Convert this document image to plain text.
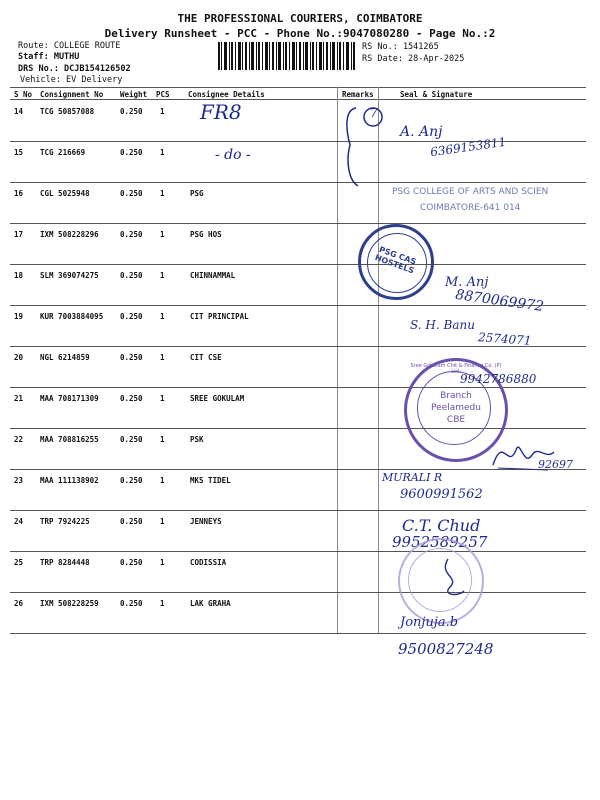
THE PROFESSIONAL COURIERS, COIMBATORE
Delivery Runsheet - PCC - Phone No.:9047080280 - Page No.:2
Route: COLLEGE ROUTE
Staff: MUTHU
DRS No.: DCJB154126502
Vehicle: EV Delivery
RS No.: 1541265
RS Date: 28-Apr-2025
S No Consignment No Weight PCS Consignee Details	Remarks	Seal & Signature
14 TCG 50857088	0.250 1
15 TCG 216669	0.250 1
16 CGL 5025948	0.250 1	PSG
17 IXM 508228296	0.250 1	PSG HOS
18 SLM 369074275	0.250 1	CHINNAMMAL
19 KUR 7003884095 0.250 1	CIT PRINCIPAL
20 NGL 6214859	0.250 1	CIT CSE
21 MAA 708171309	0.250 1	SREE GOKULAM
22 MAA 708816255	0.250 1	PSK
23 MAA 111138902	0.250 1	MKS TIDEL
24 TRP 7924225	0.250 1	JENNEYS
25 TRP 8284448	0.250 1	CODISSIA
26 IXM 508228259	0.250 1	LAK GRAHA
FR8
- do -
7
A. Anj
6369153811
PSG COLLEGE OF ARTS AND SCIEN
COIMBATORE-641 014
PSG CAS HOSTELS
M. Anj
8870069972
S. H. Banu
2574071
Sree Gokulam Chit & Finance Co. (P) Ltd.
Branch
Peelamedu
CBE
9942786880
92697
MURALI R
9600991562
C.T. Chud
9952589257
Jonjuja.b
9500827248
